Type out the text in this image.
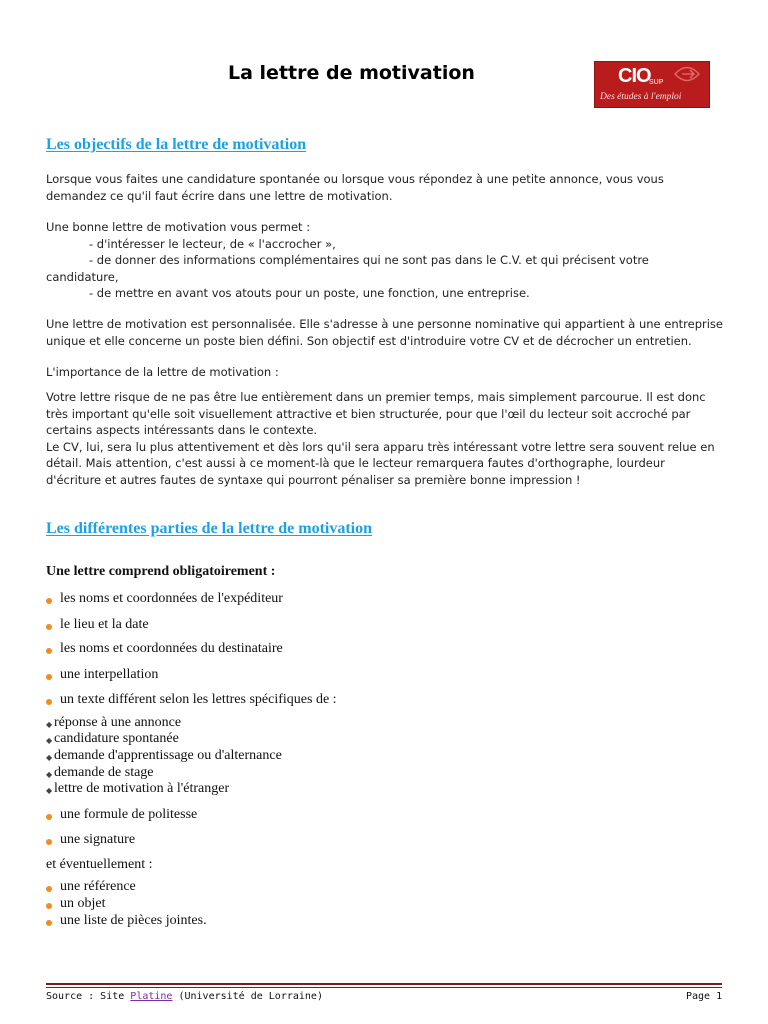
La lettre de motivation	CIO
SUP
Des études à l'emploi
Les objectifs de la lettre de motivation
Lorsque vous faites une candidature spontanée ou lorsque vous répondez à une petite annonce, vous vous
demandez ce qu'il faut écrire dans une lettre de motivation.
Une bonne lettre de motivation vous permet :
- d'intéresser le lecteur, de « l'accrocher »,
- de donner des informations complémentaires qui ne sont pas dans le C.V. et qui précisent votre
candidature,
- de mettre en avant vos atouts pour un poste, une fonction, une entreprise.
Une lettre de motivation est personnalisée. Elle s'adresse à une personne nominative qui appartient à une entreprise
unique et elle concerne un poste bien défini. Son objectif est d'introduire votre CV et de décrocher un entretien.
L'importance de la lettre de motivation :
Votre lettre risque de ne pas être lue entièrement dans un premier temps, mais simplement parcourue. Il est donc
très important qu'elle soit visuellement attractive et bien structurée, pour que l'œil du lecteur soit accroché par
certains aspects intéressants dans le contexte.
Le CV, lui, sera lu plus attentivement et dès lors qu'il sera apparu très intéressant votre lettre sera souvent relue en
détail. Mais attention, c'est aussi à ce moment-là que le lecteur remarquera fautes d'orthographe, lourdeur
d'écriture et autres fautes de syntaxe qui pourront pénaliser sa première bonne impression !
Les différentes parties de la lettre de motivation
Une lettre comprend obligatoirement :
les noms et coordonnées de l'expéditeur
le lieu et la date
les noms et coordonnées du destinataire
une interpellation
un texte différent selon les lettres spécifiques de :
◆ réponse à une annonce
◆ candidature spontanée
◆ demande d'apprentissage ou d'alternance
◆ demande de stage
◆ lettre de motivation à l'étranger
une formule de politesse
une signature
et éventuellement :
une référence
un objet
une liste de pièces jointes.
Source : Site Platine (Université de Lorraine)	Page 1
